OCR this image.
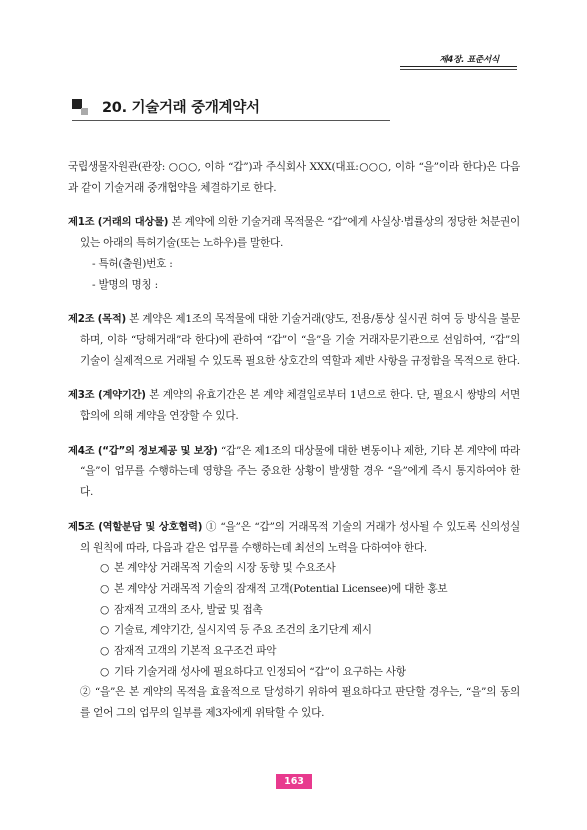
제4장. 표준서식
20. 기술거래 중개계약서

국립생물자원관(관장: ○○○, 이하 “갑”)과 주식회사 XXX(대표:○○○, 이하 “을”이라 한다)은 다음과 같이 기술거래 중개협약을 체결하기로 한다.

제1조 (거래의 대상물) 본 계약에 의한 기술거래 목적물은 “갑”에게 사실상·법률상의 정당한 처분권이 있는 아래의 특허기술(또는 노하우)를 말한다.

- 특허(출원)번호 :

- 발명의 명칭 :

제2조 (목적) 본 계약은 제1조의 목적물에 대한 기술거래(양도, 전용/통상 실시권 허여 등 방식을 불문하며, 이하 “당해거래”라 한다)에 관하여 “갑”이 “을”을 기술 거래자문기관으로 선임하여, “갑”의 기술이 실제적으로 거래될 수 있도록 필요한 상호간의 역할과 제반 사항을 규정함을 목적으로 한다.
제3조 (계약기간) 본 계약의 유효기간은 본 계약 체결일로부터 1년으로 한다. 단, 필요시 쌍방의 서면합의에 의해 계약을 연장할 수 있다.
제4조 (“갑”의 정보제공 및 보장) “갑”은 제1조의 대상물에 대한 변동이나 제한, 기타 본 계약에 따라 “을”이 업무를 수행하는데 영향을 주는 중요한 상황이 발생할 경우 “을”에게 즉시 통지하여야 한다.
제5조 (역할분담 및 상호협력) ① “을”은 “갑”의 거래목적 기술의 거래가 성사될 수 있도록 신의성실의 원칙에 따라, 다음과 같은 업무를 수행하는데 최선의 노력을 다하여야 한다.

○ 본 계약상 거래목적 기술의 시장 동향 및 수요조사

○ 본 계약상 거래목적 기술의 잠재적 고객(Potential Licensee)에 대한 홍보

○ 잠재적 고객의 조사, 발굴 및 접촉

○ 기술료, 계약기간, 실시지역 등 주요 조건의 초기단계 제시

○ 잠재적 고객의 기본적 요구조건 파악

○ 기타 기술거래 성사에 필요하다고 인정되어 “갑”이 요구하는 사항

② “을”은 본 계약의 목적을 효율적으로 달성하기 위하여 필요하다고 판단할 경우는, “을”의 동의를 얻어 그의 업무의 일부를 제3자에게 위탁할 수 있다.

163
